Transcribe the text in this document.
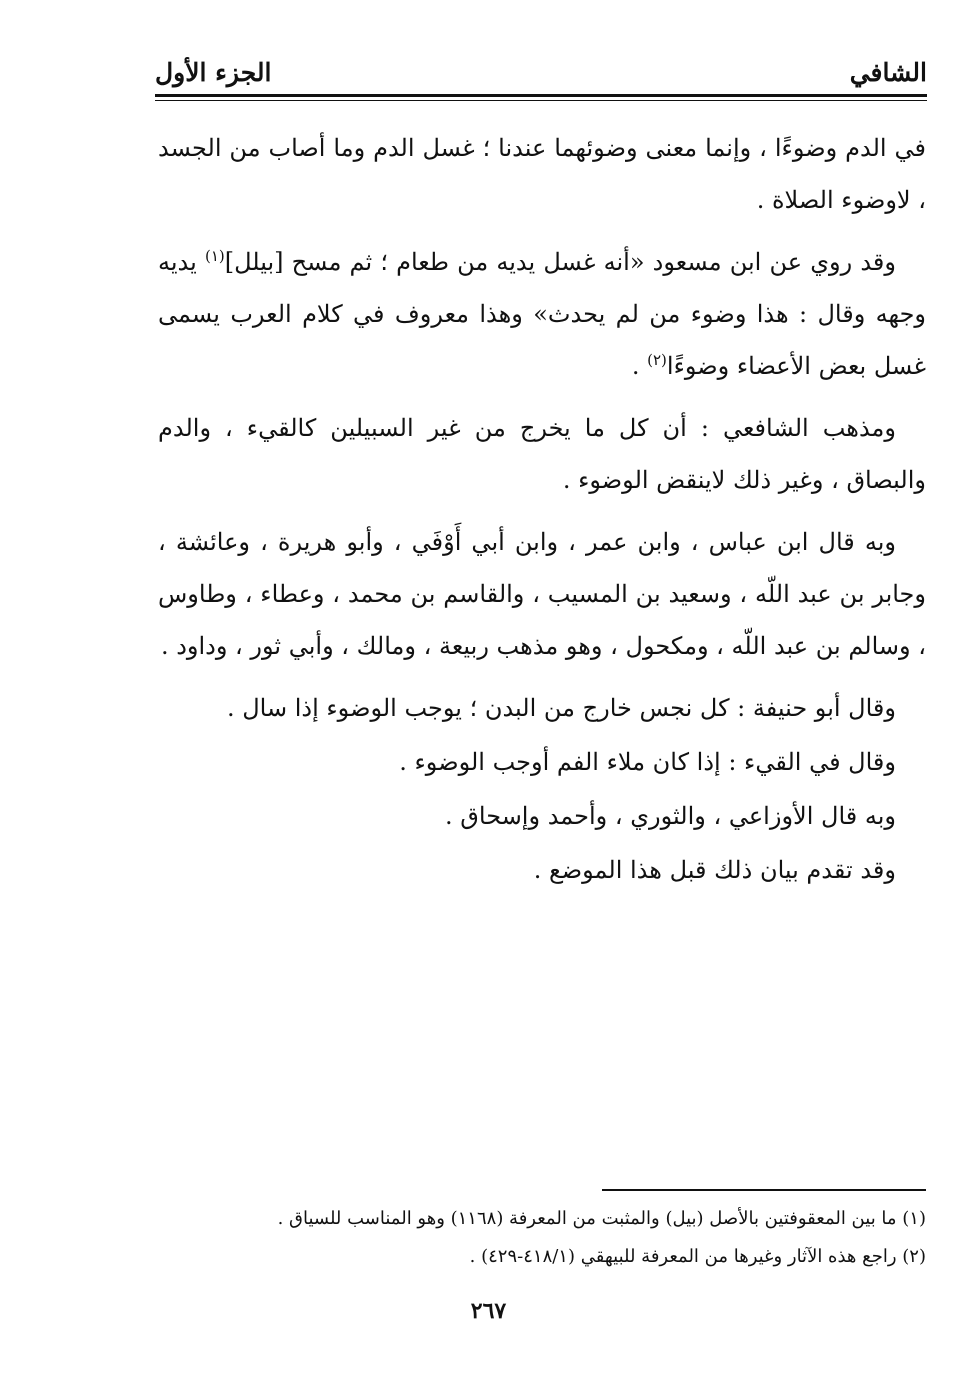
الشافي
الجزء الأول

في الدم وضوءًا ، وإنما معنى وضوئهما عندنا ؛ غسل الدم وما أصاب من الجسد ، لاوضوء الصلاة .

وقد روي عن ابن مسعود «أنه غسل يديه من طعام ؛ ثم مسح [بيلل]$^{(١)}$ يديه وجهه وقال : هذا وضوء من لم يحدث» وهذا معروف في كلام العرب يسمى غسل بعض الأعضاء وضوءًا$^{(٢)}$ .

ومذهب الشافعي : أن كل ما يخرج من غير السبيلين كالقيء ، والدم والبصاق ، وغير ذلك لاينقض الوضوء .

وبه قال ابن عباس ، وابن عمر ، وابن أبي أَوْفَي ، وأبو هريرة ، وعائشة ، وجابر بن عبد اللّه ، وسعيد بن المسيب ، والقاسم بن محمد ، وعطاء ، وطاوس ، وسالم بن عبد اللّه ، ومكحول ، وهو مذهب ربيعة ، ومالك ، وأبي ثور ، وداود .

وقال أبو حنيفة : كل نجس خارج من البدن ؛ يوجب الوضوء إذا سال .

وقال في القيء : إذا كان ملاء الفم أوجب الوضوء .

وبه قال الأوزاعي ، والثوري ، وأحمد وإسحاق .

وقد تقدم بيان ذلك قبل هذا الموضع .

(١) ما بين المعقوفتين بالأصل (بيل) والمثبت من المعرفة (١١٦٨) وهو المناسب للسياق .
(٢) راجع هذه الآثار وغيرها من المعرفة للبيهقي (٤١٨/١-٤٢٩) .
٢٦٧
